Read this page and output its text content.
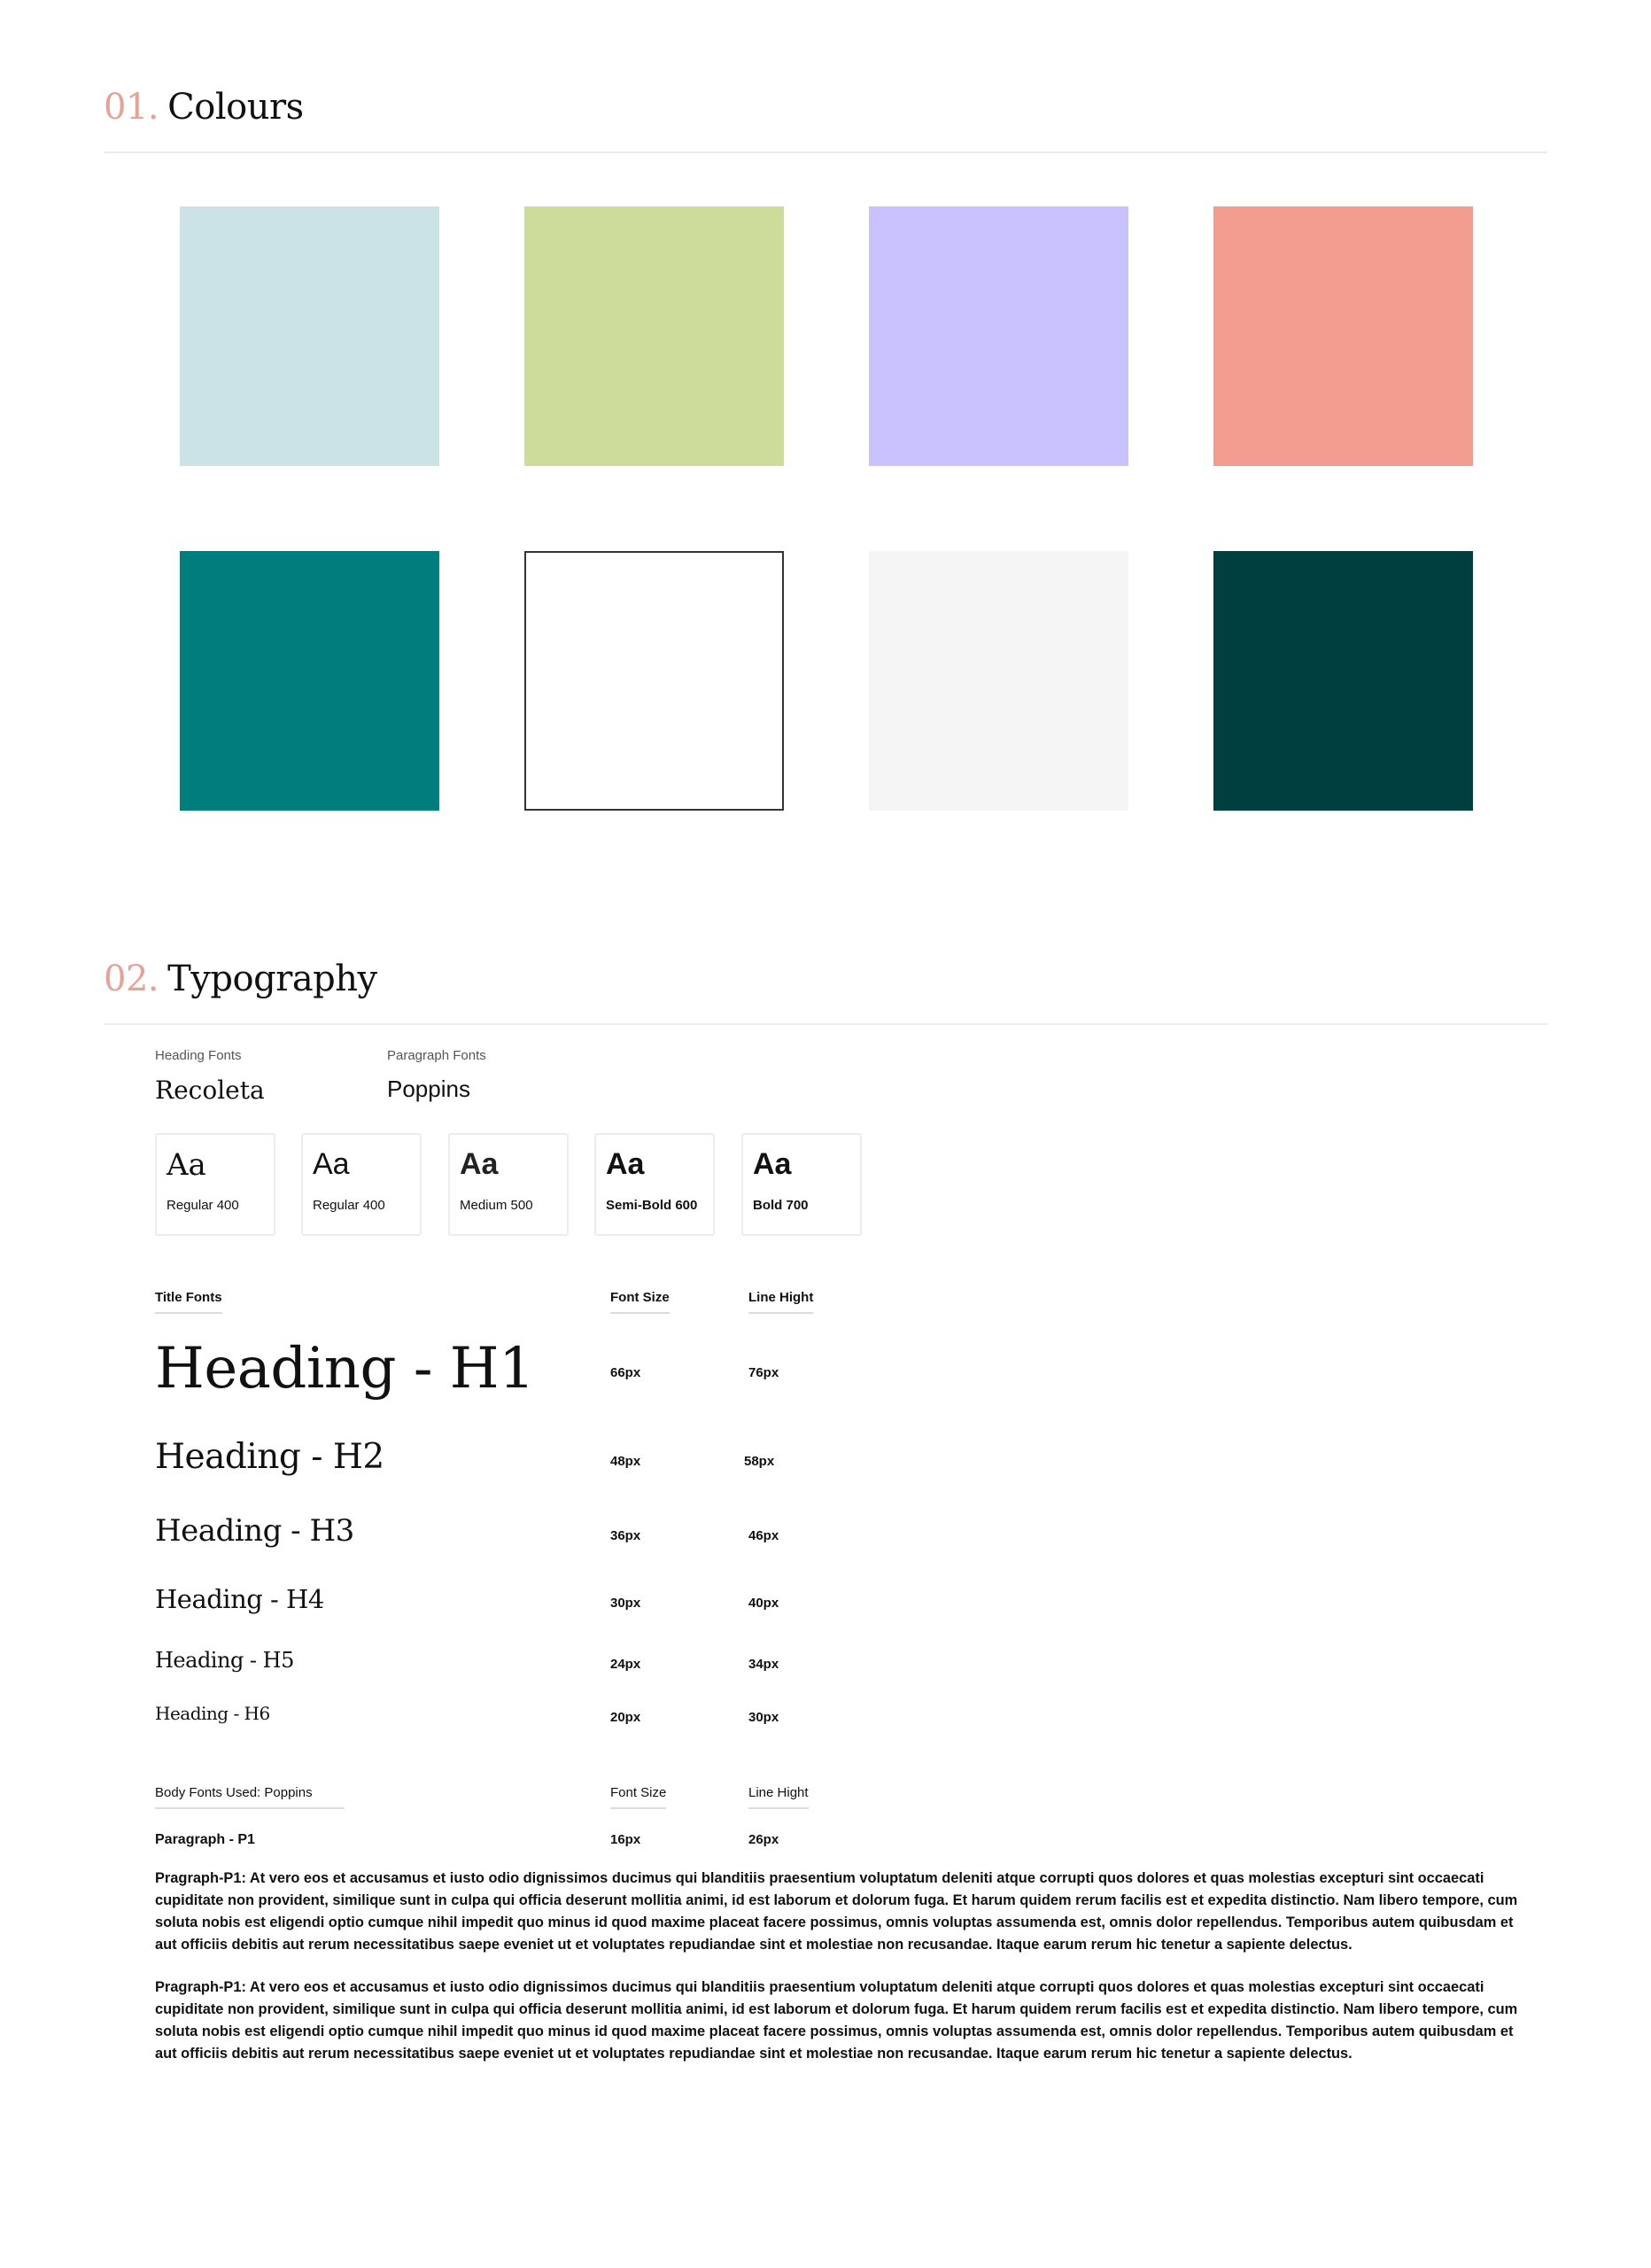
01. Colours
02. Typography
Heading Fonts
Recoleta
Paragraph Fonts
Poppins
Aa
Regular 400
Aa
Regular 400
Aa
Medium 500
Aa
Semi-Bold 600
Aa
Bold 700
Title Fonts	Font Size	Line Hight
Heading - H1	66px	76px
Heading - H2	48px	58px
Heading - H3	36px	46px
Heading - H4	30px	40px
Heading - H5	24px	34px
Heading - H6	20px	30px
Body Fonts Used: Poppins	Font Size	Line Hight
Paragraph - P1	16px	26px
Pragraph-P1: At vero eos et accusamus et iusto odio dignissimos ducimus qui blanditiis praesentium voluptatum deleniti atque corrupti quos dolores et quas molestias excepturi sint occaecati cupiditate non provident, similique sunt in culpa qui officia deserunt mollitia animi, id est laborum et dolorum fuga. Et harum quidem rerum facilis est et expedita distinctio. Nam libero tempore, cum soluta nobis est eligendi optio cumque nihil impedit quo minus id quod maxime placeat facere possimus, omnis voluptas assumenda est, omnis dolor repellendus. Temporibus autem quibusdam et aut officiis debitis aut rerum necessitatibus saepe eveniet ut et voluptates repudiandae sint et molestiae non recusandae. Itaque earum rerum hic tenetur a sapiente delectus.
Pragraph-P1: At vero eos et accusamus et iusto odio dignissimos ducimus qui blanditiis praesentium voluptatum deleniti atque corrupti quos dolores et quas molestias excepturi sint occaecati cupiditate non provident, similique sunt in culpa qui officia deserunt mollitia animi, id est laborum et dolorum fuga. Et harum quidem rerum facilis est et expedita distinctio. Nam libero tempore, cum soluta nobis est eligendi optio cumque nihil impedit quo minus id quod maxime placeat facere possimus, omnis voluptas assumenda est, omnis dolor repellendus. Temporibus autem quibusdam et aut officiis debitis aut rerum necessitatibus saepe eveniet ut et voluptates repudiandae sint et molestiae non recusandae. Itaque earum rerum hic tenetur a sapiente delectus.
